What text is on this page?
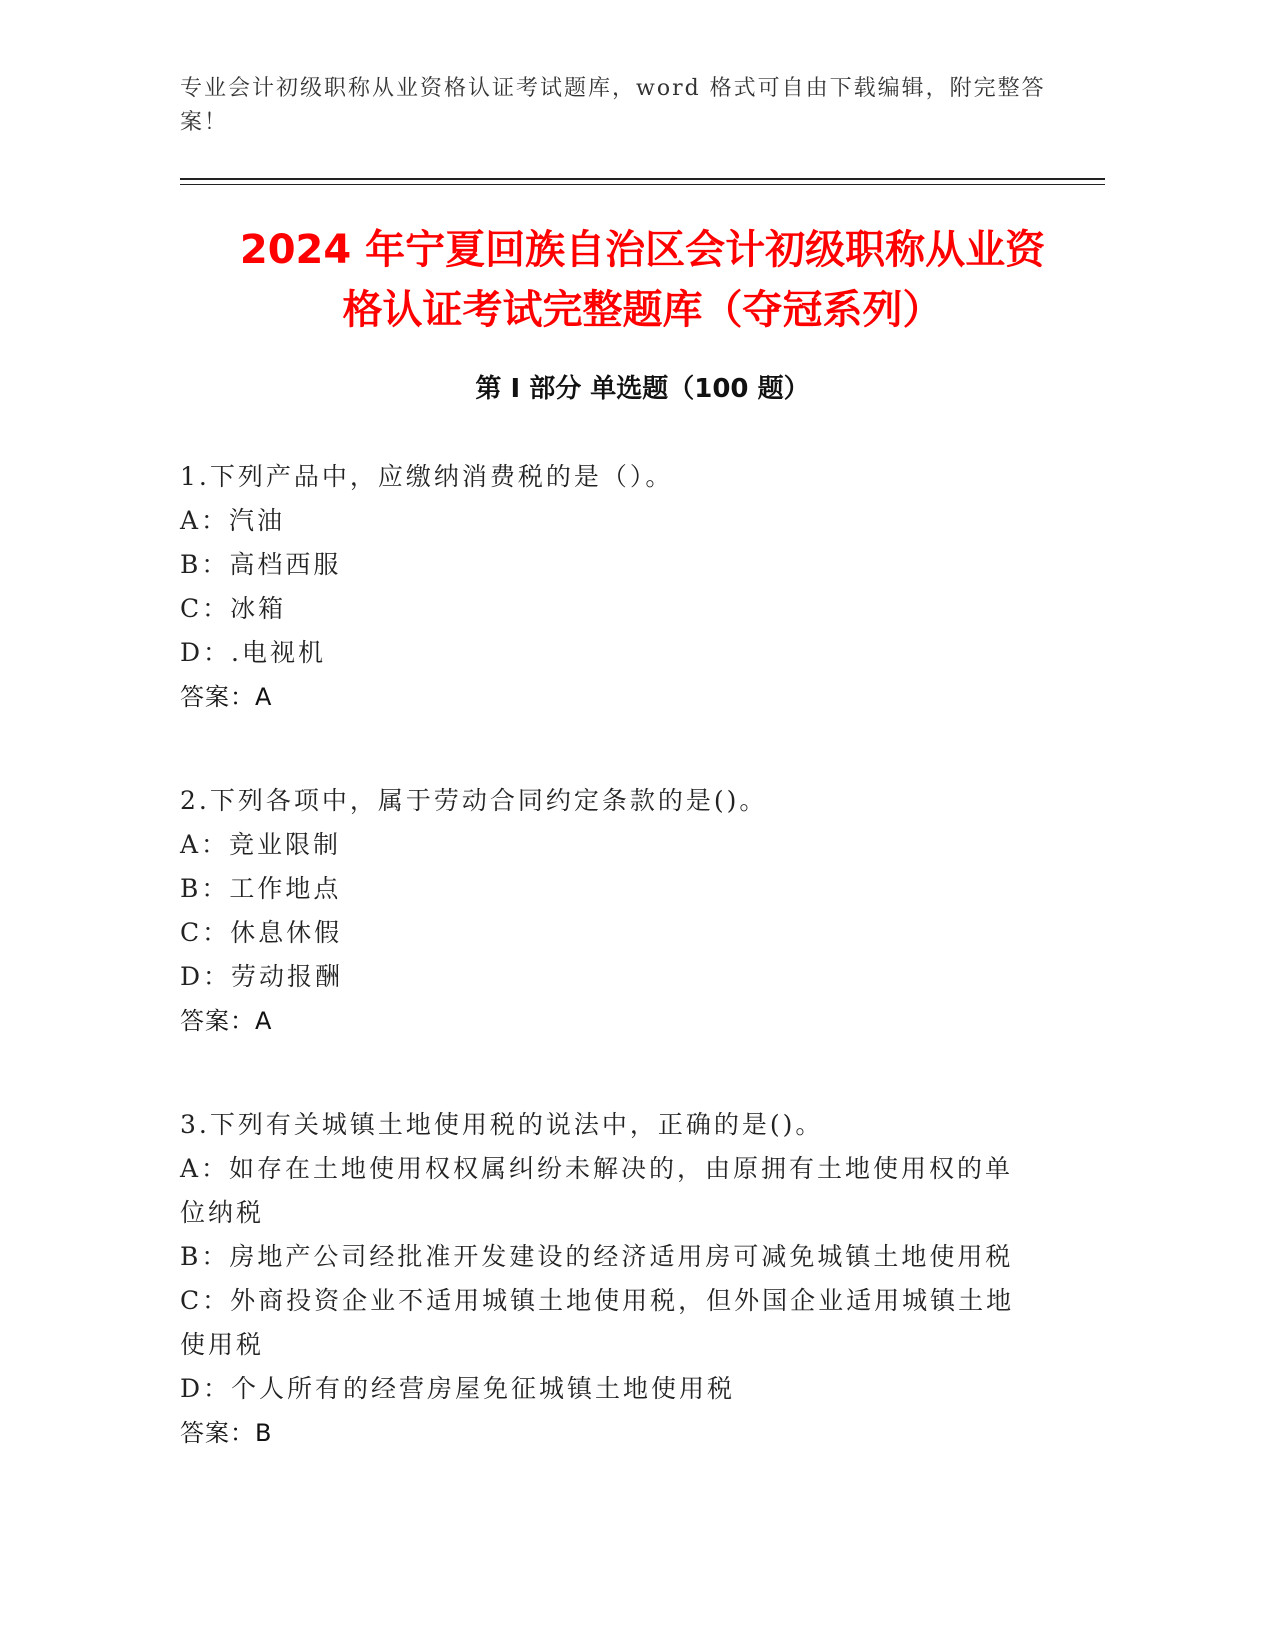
专业会计初级职称从业资格认证考试题库，word 格式可自由下载编辑，附完整答案！
2024 年宁夏回族自治区会计初级职称从业资
格认证考试完整题库（夺冠系列）
第 I 部分 单选题（100 题）
1.下列产品中，应缴纳消费税的是（）。
A：汽油
B：高档西服
C：冰箱
D：.电视机
答案：A
2.下列各项中，属于劳动合同约定条款的是()。
A：竞业限制
B：工作地点
C：休息休假
D：劳动报酬
答案：A
3.下列有关城镇土地使用税的说法中，正确的是()。
A：如存在土地使用权权属纠纷未解决的，由原拥有土地使用权的单位纳税
B：房地产公司经批准开发建设的经济适用房可减免城镇土地使用税
C：外商投资企业不适用城镇土地使用税，但外国企业适用城镇土地使用税
D：个人所有的经营房屋免征城镇土地使用税
答案：B
